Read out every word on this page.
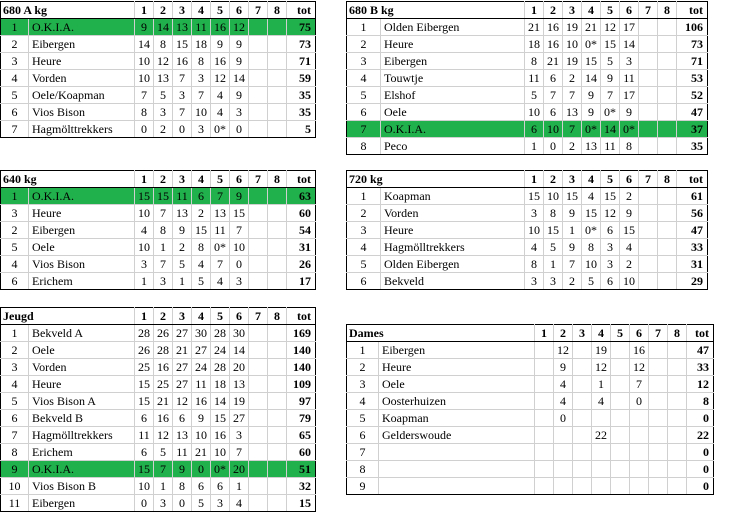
680 A kg		1	2	3	4	5	6	7	8	tot
1	O.K.I.A.	9	14	13	11	16	12			75
2	Eibergen	14	8	15	18	9	9			73
3	Heure	10	12	16	8	16	9			71
4	Vorden	10	13	7	3	12	14			59
5	Oele/Koapman	7	5	3	7	4	9			35
6	Vios Bison	8	3	7	10	4	3			35
7	Hagmölttrekkers	0	2	0	3	0*	0			5
680 B kg		1	2	3	4	5	6	7	8	tot
1	Olden Eibergen	21	16	19	21	12	17			106
2	Heure	18	16	10	0*	15	14			73
3	Eibergen	8	21	19	15	5	3			71
4	Touwtje	11	6	2	14	9	11			53
5	Elshof	5	7	7	9	7	17			52
6	Oele	10	6	13	9	0*	9			47
7	O.K.I.A.	6	10	7	0*	14	0*			37
8	Peco	1	0	2	13	11	8			35
640 kg		1	2	3	4	5	6	7	8	tot
1	O.K.I.A.	15	15	11	6	7	9			63
3	Heure	10	7	13	2	13	15			60
2	Eibergen	4	8	9	15	11	7			54
5	Oele	10	1	2	8	0*	10			31
4	Vios Bison	3	7	5	4	7	0			26
6	Erichem	1	3	1	5	4	3			17
720 kg		1	2	3	4	5	6	7	8	tot
1	Koapman	15	10	15	4	15	2			61
2	Vorden	3	8	9	15	12	9			56
3	Heure	10	15	1	0*	6	15			47
4	Hagmölltrekkers	4	5	9	8	3	4			33
5	Olden Eibergen	8	1	7	10	3	2			31
6	Bekveld	3	3	2	5	6	10			29
Jeugd		1	2	3	4	5	6	7	8	tot
1	Bekveld A	28	26	27	30	28	30			169
2	Oele	26	28	21	27	24	14			140
3	Vorden	25	16	27	24	28	20			140
4	Heure	15	25	27	11	18	13			109
5	Vios Bison A	15	21	12	16	14	19			97
6	Bekveld B	6	16	6	9	15	27			79
7	Hagmölltrekkers	11	12	13	10	16	3			65
8	Erichem	6	5	11	21	10	7			60
9	O.K.I.A.	15	7	9	0	0*	20			51
10	Vios Bison B	10	1	8	6	6	1			32
11	Eibergen	0	3	0	5	3	4			15
Dames		1	2	3	4	5	6	7	8	tot
1	Eibergen		12		19		16			47
2	Heure		9		12		12			33
3	Oele		4		1		7			12
4	Oosterhuizen		4		4		0			8
5	Koapman		0							0
6	Gelderswoude				22					22
7										0
8										0
9										0
